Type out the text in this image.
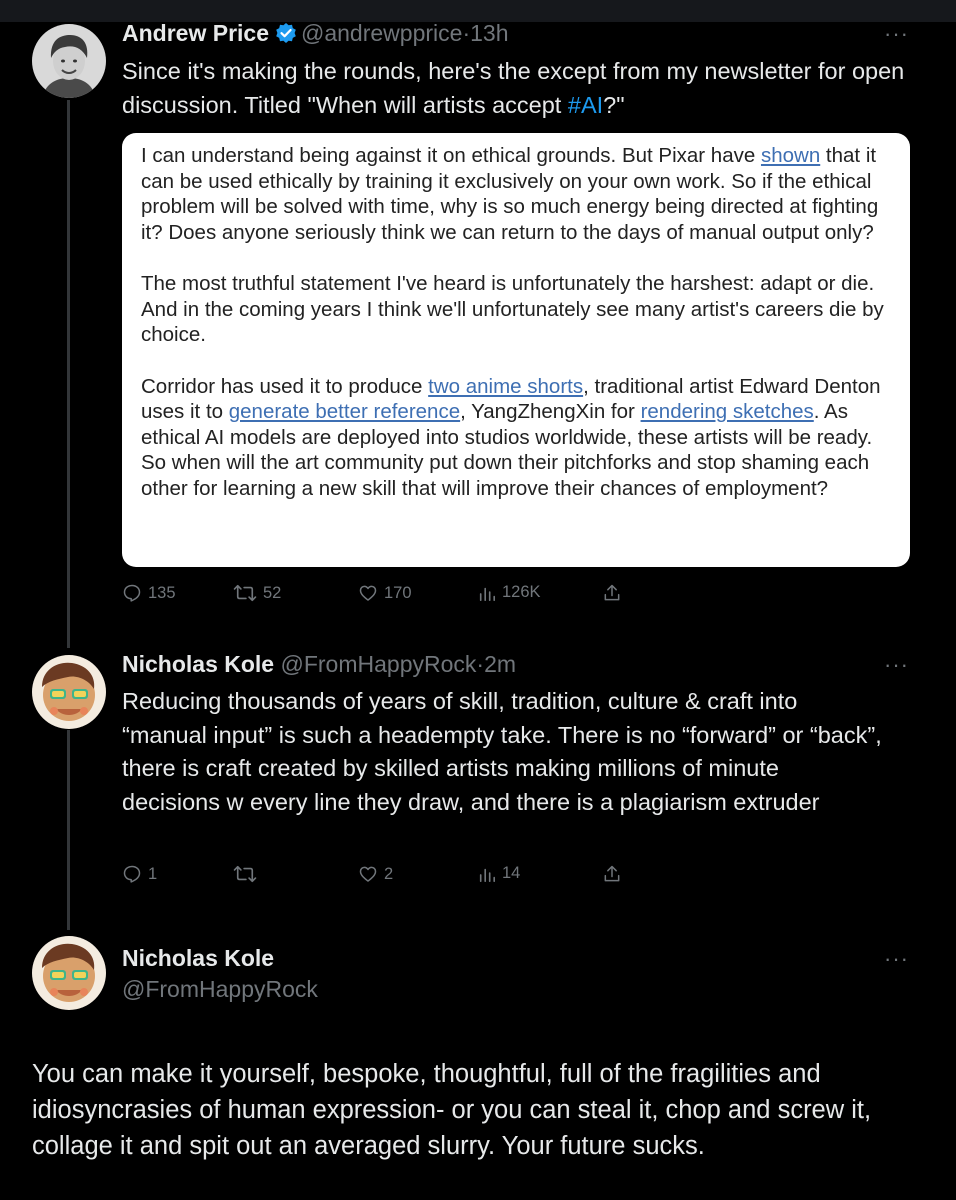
Andrew Price @andrewpprice·13h	···
Since it's making the rounds, here's the except from my newsletter for open discussion. Titled "When will artists accept #AI?"

I can understand being against it on ethical grounds. But Pixar have shown that it can be used ethically by training it exclusively on your own work. So if the ethical problem will be solved with time, why is so much energy being directed at fighting it? Does anyone seriously think we can return to the days of manual output only?

The most truthful statement I've heard is unfortunately the harshest: adapt or die. And in the coming years I think we'll unfortunately see many artist's careers die by choice.

Corridor has used it to produce two anime shorts, traditional artist Edward Denton uses it to generate better reference, YangZhengXin for rendering sketches. As ethical AI models are deployed into studios worldwide, these artists will be ready. So when will the art community put down their pitchforks and stop shaming each other for learning a new skill that will improve their chances of employment?

135	52	170	126K
Nicholas Kole @FromHappyRock·2m	···
Reducing thousands of years of skill, tradition, culture & craft into “manual input” is such a headempty take. There is no “forward” or “back”, there is craft created by skilled artists making millions of minute decisions w every line they draw, and there is a plagiarism extruder
1	2	14
Nicholas Kole
@FromHappyRock
···
You can make it yourself, bespoke, thoughtful, full of the fragilities and idiosyncrasies of human expression- or you can steal it, chop and screw it, collage it and spit out an averaged slurry. Your future sucks.
